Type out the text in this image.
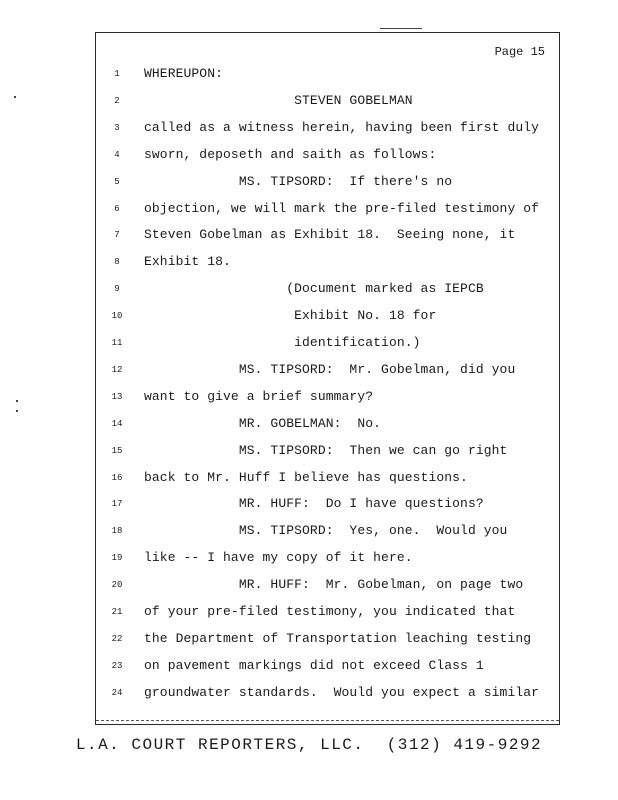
Page 15
1	WHEREUPON:
2	STEVEN GOBELMAN
3	called as a witness herein, having been first duly
4	sworn, deposeth and saith as follows:
5	MS. TIPSORD:  If there's no
6	objection, we will mark the pre-filed testimony of
7	Steven Gobelman as Exhibit 18.  Seeing none, it
8	Exhibit 18.
9	(Document marked as IEPCB
10	Exhibit No. 18 for
11	identification.)
12	MS. TIPSORD:  Mr. Gobelman, did you
13	want to give a brief summary?
14	MR. GOBELMAN:  No.
15	MS. TIPSORD:  Then we can go right
16	back to Mr. Huff I believe has questions.
17	MR. HUFF:  Do I have questions?
18	MS. TIPSORD:  Yes, one.  Would you
19	like -- I have my copy of it here.
20	MR. HUFF:  Mr. Gobelman, on page two
21	of your pre-filed testimony, you indicated that
22	the Department of Transportation leaching testing
23	on pavement markings did not exceed Class 1
24	groundwater standards.  Would you expect a similar
L.A. COURT REPORTERS, LLC.  (312) 419-9292
